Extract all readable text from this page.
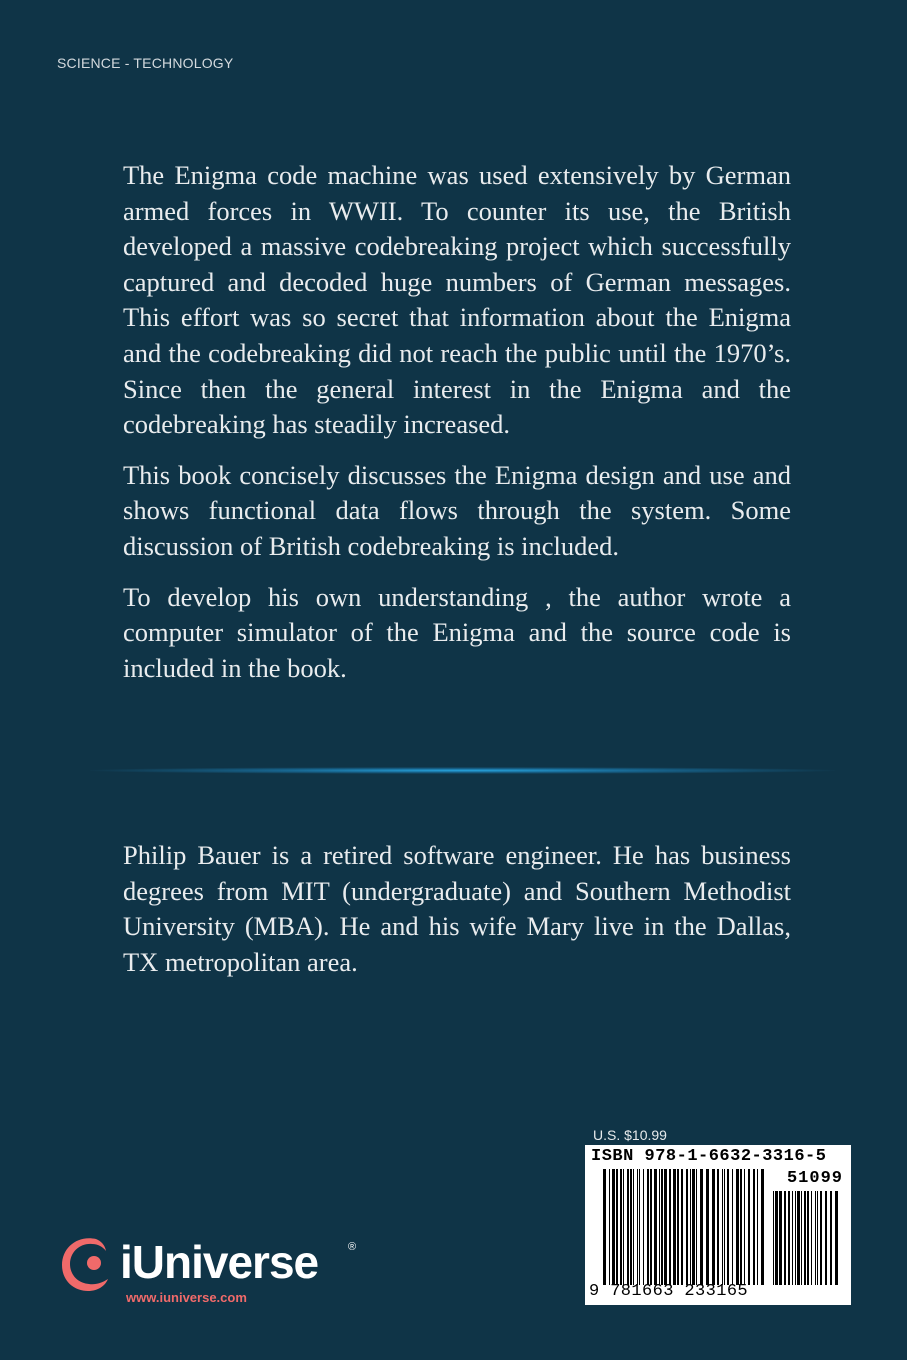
SCIENCE - TECHNOLOGY

The Enigma code machine was used extensively by German armed forces in WWII. To counter its use, the British developed a massive codebreaking project which successfully captured and decoded huge numbers of German messages. This effort was so secret that information about the Enigma and the codebreaking did not reach the public until the 1970’s. Since then the general interest in the Enigma and the codebreaking has steadily increased.

This book concisely discusses the Enigma design and use and shows functional data flows through the system. Some discussion of British codebreaking is included.

To develop his own understanding , the author wrote a computer simulator of the Enigma and the source code is included in the book.

Philip Bauer is a retired software engineer. He has business degrees from MIT (undergraduate) and Southern Methodist University (MBA). He and his wife Mary live in the Dallas, TX metropolitan area.
U.S. $10.99
ISBN 978-1-6632-3316-5
51099
9 781663 233165
iUniverse	®
www.iuniverse.com
